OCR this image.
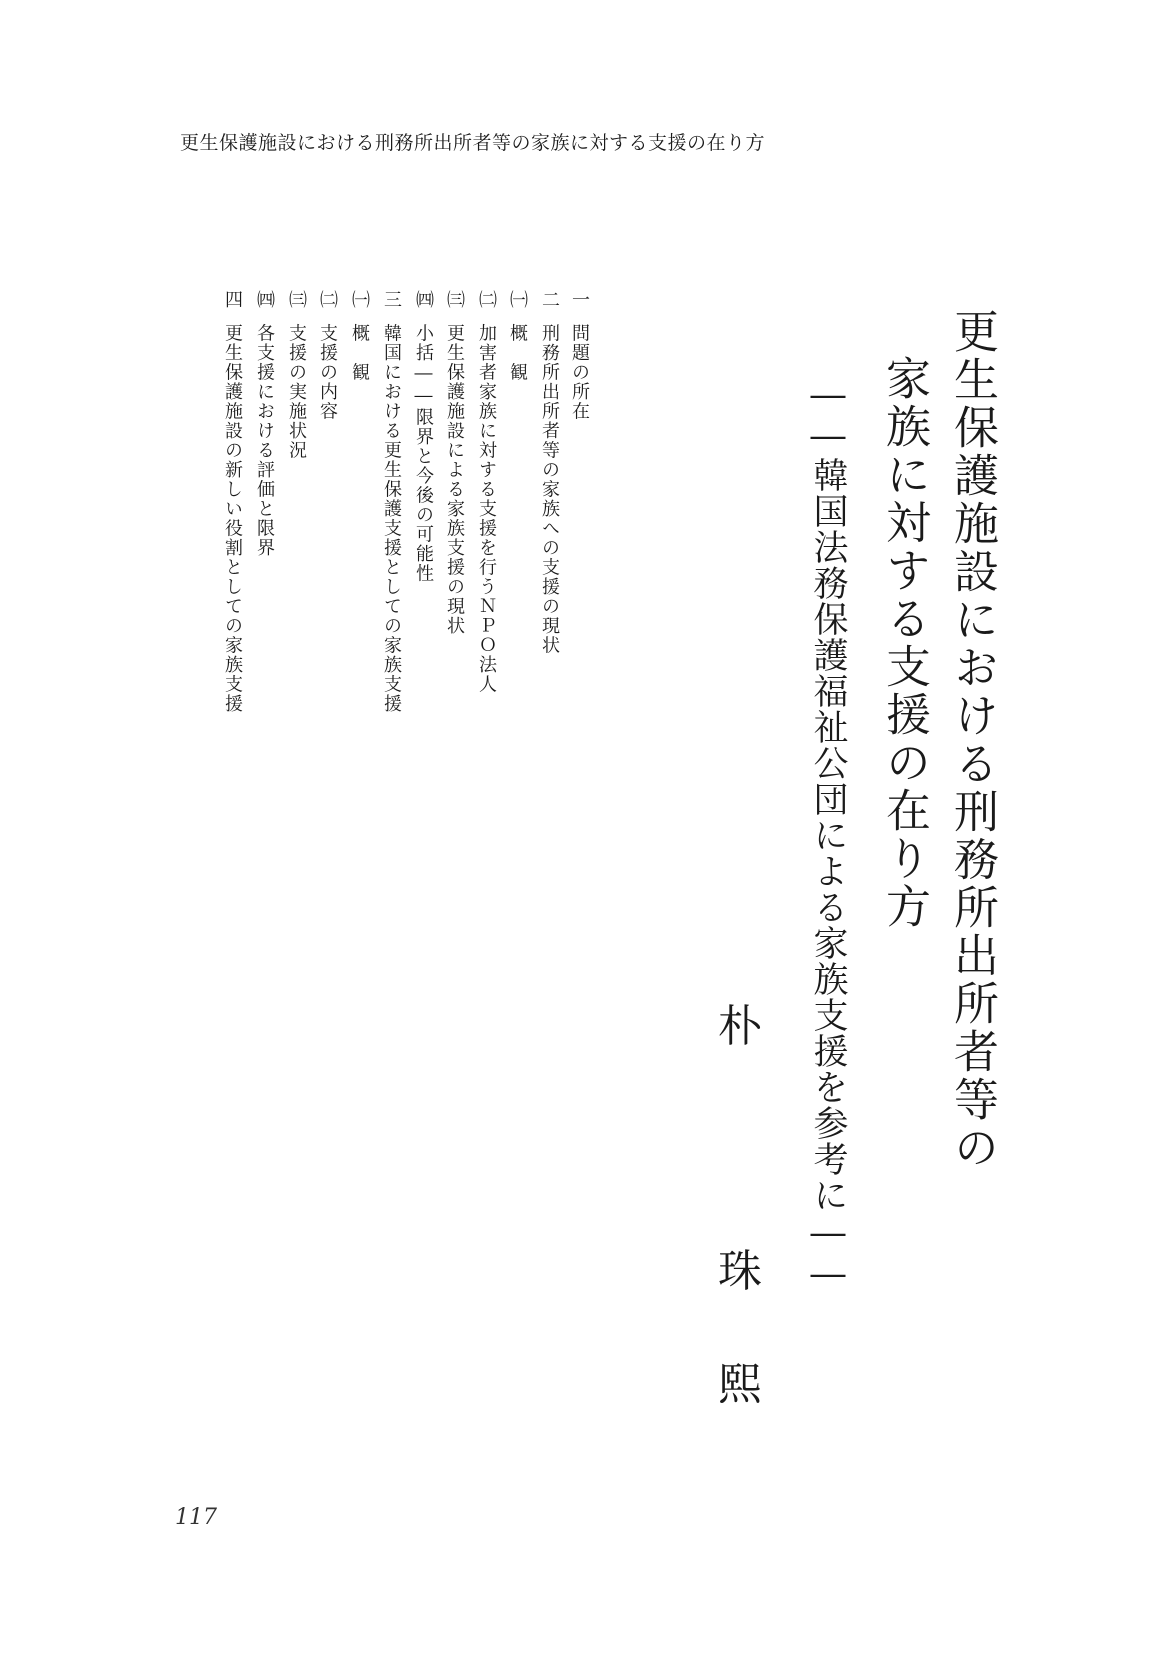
更生保護施設における刑務所出所者等の家族に対する支援の在り方
更生保護施設における刑務所出所者等の
家族に対する支援の在り方
――韓国法務保護福祉公団による家族支援を参考に――
朴
珠
熙
一問題の所在
二刑務所出所者等の家族への支援の現状
㈠概　観
㈡加害者家族に対する支援を行うＮＰＯ法人
㈢更生保護施設による家族支援の現状
㈣小括――限界と今後の可能性
三韓国における更生保護支援としての家族支援
㈠概　観
㈡支援の内容
㈢支援の実施状況
㈣各支援における評価と限界
四更生保護施設の新しい役割としての家族支援
117
